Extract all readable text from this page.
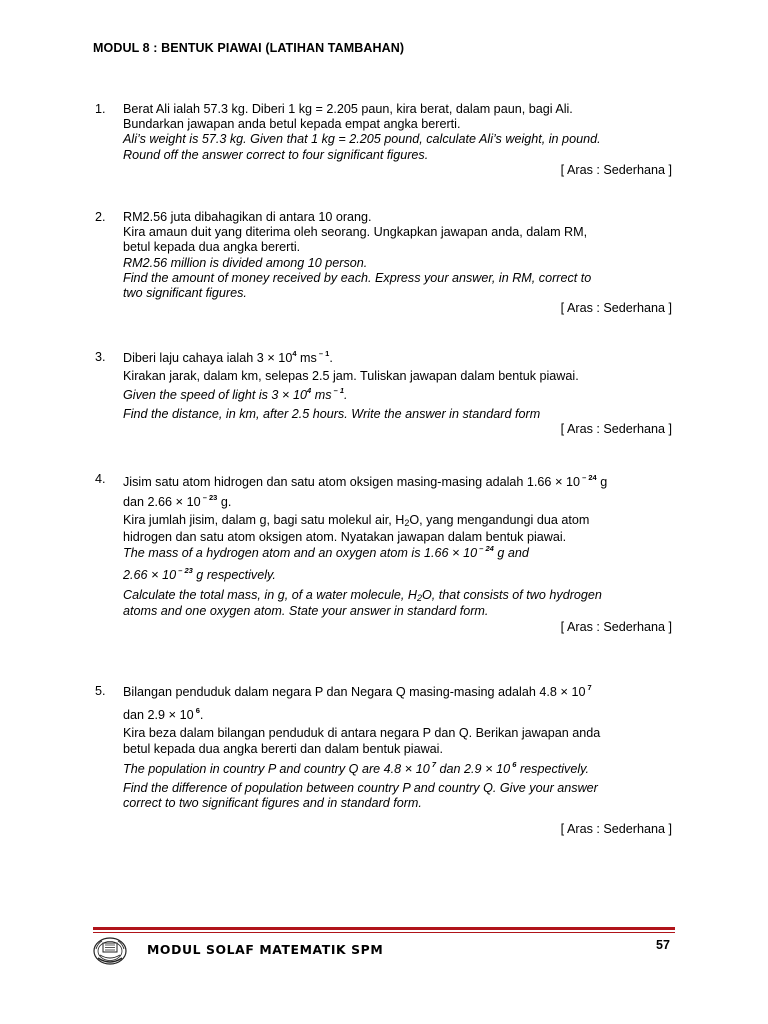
MODUL 8 : BENTUK PIAWAI (LATIHAN TAMBAHAN)
1. Berat Ali ialah 57.3 kg. Diberi 1 kg = 2.205 paun, kira berat, dalam paun, bagi Ali.
Bundarkan jawapan anda betul kepada empat angka bererti.
Ali’s weight is 57.3 kg. Given that 1 kg = 2.205 pound, calculate Ali’s weight, in pound.
Round off the answer correct to four significant figures.
[ Aras : Sederhana ]
2. RM2.56 juta dibahagikan di antara 10 orang.
Kira amaun duit yang diterima oleh seorang. Ungkapkan jawapan anda, dalam RM,
betul kepada dua angka bererti.
RM2.56 million is divided among 10 person.
Find the amount of money received by each. Express your answer, in RM, correct to
two significant figures.
[ Aras : Sederhana ]
3. Diberi laju cahaya ialah $3 \times 10^4$ ms $^{- 1}$.
Kirakan jarak, dalam km, selepas 2.5 jam. Tuliskan jawapan dalam bentuk piawai.
Given the speed of light is $3 \times 10^4$ ms $^{- 1}$.
Find the distance, in km, after 2.5 hours. Write the answer in standard form
[ Aras : Sederhana ]
4. Jisim satu atom hidrogen dan satu atom oksigen masing-masing adalah 1.66 × 10 $^{- 24}$ g
dan 2.66 × 10 $^{- 23}$ g.
Kira jumlah jisim, dalam g, bagi satu molekul air, $H_2O$, yang mengandungi dua atom
hidrogen dan satu atom oksigen atom. Nyatakan jawapan dalam bentuk piawai.
The mass of a hydrogen atom and an oxygen atom is 1.66 × 10 $^{- 24}$ g and
2.66 × 10 $^{- 23}$ g respectively.
Calculate the total mass, in g, of a water molecule, $H_2O$, that consists of two hydrogen
atoms and one oxygen atom. State your answer in standard form.
[ Aras : Sederhana ]
5. Bilangan penduduk dalam negara P dan Negara Q masing-masing adalah 4.8 × 10 $^7$
dan 2.9 × 10 $^6$.
Kira beza dalam bilangan penduduk di antara negara P dan Q. Berikan jawapan anda
betul kepada dua angka bererti dan dalam bentuk piawai.
The population in country P and country Q are 4.8 × 10 $^7$ dan 2.9 × 10 $^6$ respectively.
Find the difference of population between country P and country Q. Give your answer
correct to two significant figures and in standard form.
[ Aras : Sederhana ]
MODUL SOLAF MATEMATIK SPM	57
